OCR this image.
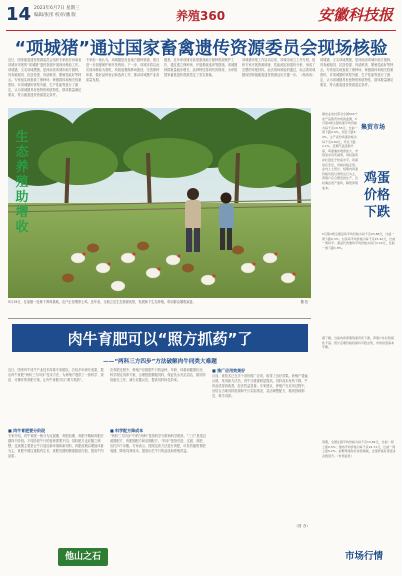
14 2023年6月7日 星期三
编辑/张彤 校对/潘 版	养殖360	安徽科技报
“项城猪”通过国家畜禽遗传资源委员会现场核验
近日，国家畜禽遗传资源委员会组织专家组对河南省项城市申报的“项城猪”遗传资源开展现场核验工作。项城猪，又名项城黑猪，是河南省项城市地方猪种，具有耐粗饲、抗逆性强、肉质鲜美、繁殖性能好等特点。专家组实地查看了保种场、种猪群体和相关档案资料，对项城猪的体型外貌、生产性能等进行了测定，认为项城猪具有独特的种质特性，群体数量满足要求，符合畜禽遗传资源鉴定条件。
专家组一致认为，项城猪是优良地方猪种资源，建议进一步加强保护和开发利用。下一步，项城市将以此次现场核验为契机，持续加强保种场建设，完善保种体系，做好品种登记和选育工作，推动项城猪产业高质量发展。
据悉，近年来项城市高度重视地方猪种资源保护工作，通过建立保种场、开展系统选育等措施，项城猪种群数量稳步增长，品种特性得到有效保持，为申报国家畜禽遗传资源奠定了坚实基础。
项城猪申报工作启动以来，项城市成立工作专班，组织专家开展资源调查、性能测定和遗传分析，形成了完整的申报材料。此次现场核验的通过，标志着项城猪向国家级畜禽遗传资源迈出关键一步。（杨冉冉）
项城猪，又名项城黑猪，是河南省项城市地方猪种，具有耐粗饲、抗逆性强、肉质鲜美、繁殖性能好等特点。专家组实地查看了保种场、种猪群体和相关档案资料，对项城猪的体型外貌、生产性能等进行了测定，认为项城猪具有独特的种质特性，群体数量满足要求，符合畜禽遗传资源鉴定条件。
生态养殖助增收
5月19日，在某镇一处林下养鸡基地，农户正在喂养土鸡。近年来，当地立足生态资源优势，发展林下生态养殖，带动群众增收致富。	魏 拍
集贸市场
鸡蛋价格下跌
据农业农村部对全国500个农产品集贸市场的监测，5月第4周全国鸡蛋平均价格为每千克10.55元，比前一周下跌0.9%，同比下跌5.2%。主产省份鸡蛋价格为每千克9.84元，环比下跌1.1%。近期气温逐渐升高，鸡蛋储存难度加大，市场需求有所减弱，同时蛋鸡存栏量处于较高水平，鸡蛋供应充足，价格持续走低。业内人士预计，短期内鸡蛋价格仍将以弱势运行为主，养殖户应合理安排生产，及时淘汰低产蛋鸡，降低养殖成本。
5月第4周全国活鸡平均价格为每千克23.88元，比前一周下跌0.3%；白条鸡平均价格为每千克23.42元，比前一周持平。商品代肉雏鸡平均价格为每只3.24元，比前一周下跌1.8%。
据了解，当前肉鸡养殖利润有所下滑，养殖户补栏积极性不高。预计后期价格将保持平稳态势，市场供需基本平衡。
同期，全国生猪平均价格为每千克14.82元，比前一周上涨0.5%；猪肉平均价格为每千克24.71元，比前一周上涨0.2%。能繁母猪存栏持续调减，生猪价格有望逐步企稳回升。（市场信息）
肉牛育肥可以“照方抓药”了
——“两科三方四步”方法破解肉牛同类大难题
近日，国家肉牛牦牛产业技术体系专家团队，总结多年研究成果，提出肉牛育肥“两科三方四步”技术方法，为养殖户提供了一套科学、规范、可操作的育肥方案，让肉牛育肥可以“照方抓药”。
■ 肉牛育肥要分阶段
专家介绍，肉牛育肥一般分为过渡期、育肥前期、育肥中期和育肥后期四个阶段。不同阶段牛只的营养需要不同，饲料配方也应随之调整。过渡期主要是让牛只适应新环境和新饲料，育肥前期以增加体重为主，育肥中期注重肌肉生长，育肥后期则侧重脂肪沉积，提高牛肉品质。
在育肥过程中，养殖户应根据牛只的品种、年龄、体重和健康状况，科学制定饲养方案，合理搭配精粗饲料，保证饮水充足清洁，做好防疫驱虫工作，减少应激反应，提高饲料转化效率。
■ 科学配方降成本
“两科三方四步”中的“两科”是指科学分群和科学配料，“三方”是指过渡期配方、育肥期配方和后期配方，“四步”是指引进、过渡、育肥、出栏四个步骤。专家表示，按照这套方法进行育肥，可有效缩短育肥周期，降低饲养成本，提高出栏牛只的品质和养殖效益。
■ 推广应用效果好
目前，该技术已在多个省份推广应用，取得了良好效果。养殖户普遍反映，采用新方法后，肉牛日增重明显提高，饲料成本有所下降，牛肉品质得到改善，经济效益显著。专家建议，养殖户在应用过程中，应结合当地饲料资源和牛只实际情况，灵活调整配方，做到因地制宜、科学饲养。
（晋 办）
他山之石	市场行情
